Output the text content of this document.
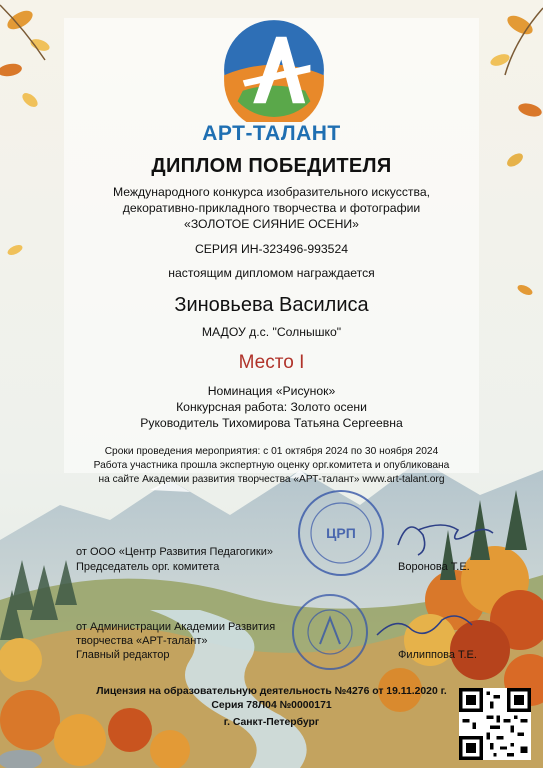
АРТ-ТАЛАНТ
ДИПЛОМ ПОБЕДИТЕЛЯ
Международного конкурса изобразительного искусства,
декоративно-прикладного творчества и фотографии
«ЗОЛОТОЕ СИЯНИЕ ОСЕНИ»
СЕРИЯ ИН-323496-993524
настоящим дипломом награждается
Зиновьева Василиса
МАДОУ д.с. "Солнышко"
Место I
Номинация «Рисунок»
Конкурсная работа: Золото осени
Руководитель Тихомирова Татьяна Сергеевна
Сроки проведения мероприятия: с 01 октября 2024 по 30 ноября 2024
Работа участника прошла экспертную оценку орг.комитета и опубликована
на сайте Академии развития творчества «АРТ-талант» www.art-talant.org
от ООО «Центр Развития Педагогики»
Председатель орг. комитета	Воронова Т.Е.
ЦРП
от Администрации Академии Развития
творчества «АРТ-талант»
Главный редактор	Филиппова Т.Е.
Лицензия на образовательную деятельность №4276 от 19.11.2020 г.
Серия 78Л04 №0000171
г. Санкт-Петербург
